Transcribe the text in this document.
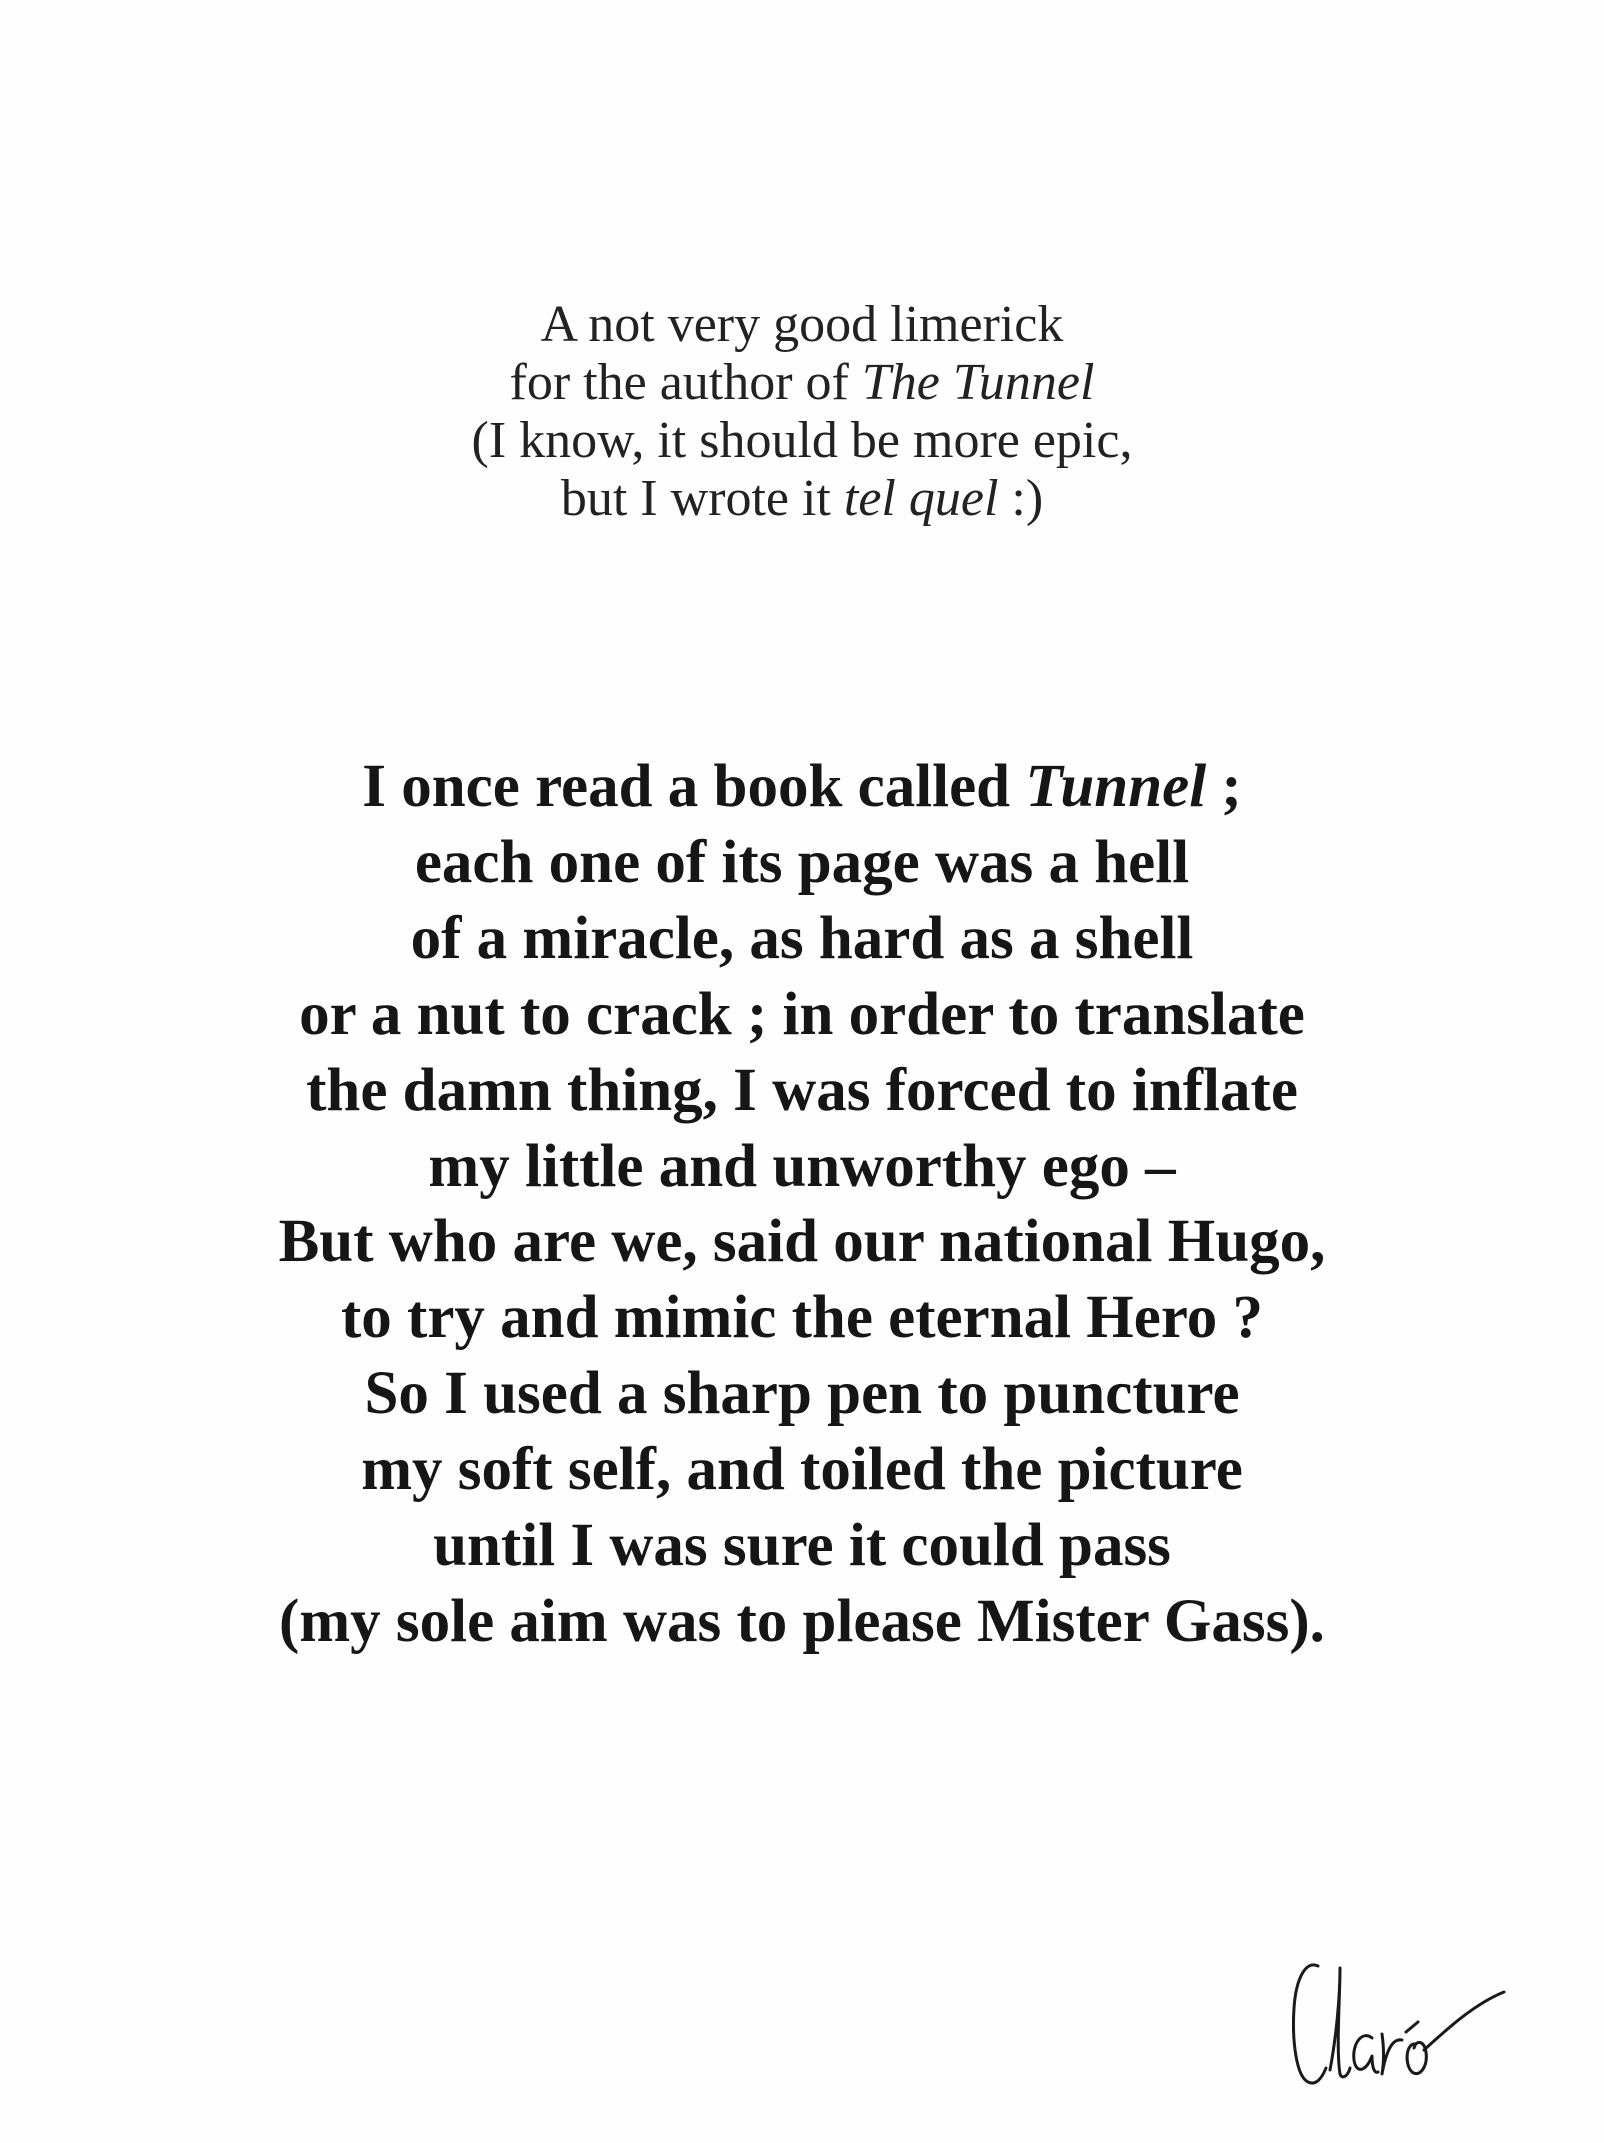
A not very good limerick
for the author of The Tunnel
(I know, it should be more epic,
but I wrote it tel quel :)
I once read a book called Tunnel ;
each one of its page was a hell
of a miracle, as hard as a shell
or a nut to crack ; in order to translate
the damn thing, I was forced to inflate
my little and unworthy ego –
But who are we, said our national Hugo,
to try and mimic the eternal Hero ?
So I used a sharp pen to puncture
my soft self, and toiled the picture
until I was sure it could pass
(my sole aim was to please Mister Gass).
